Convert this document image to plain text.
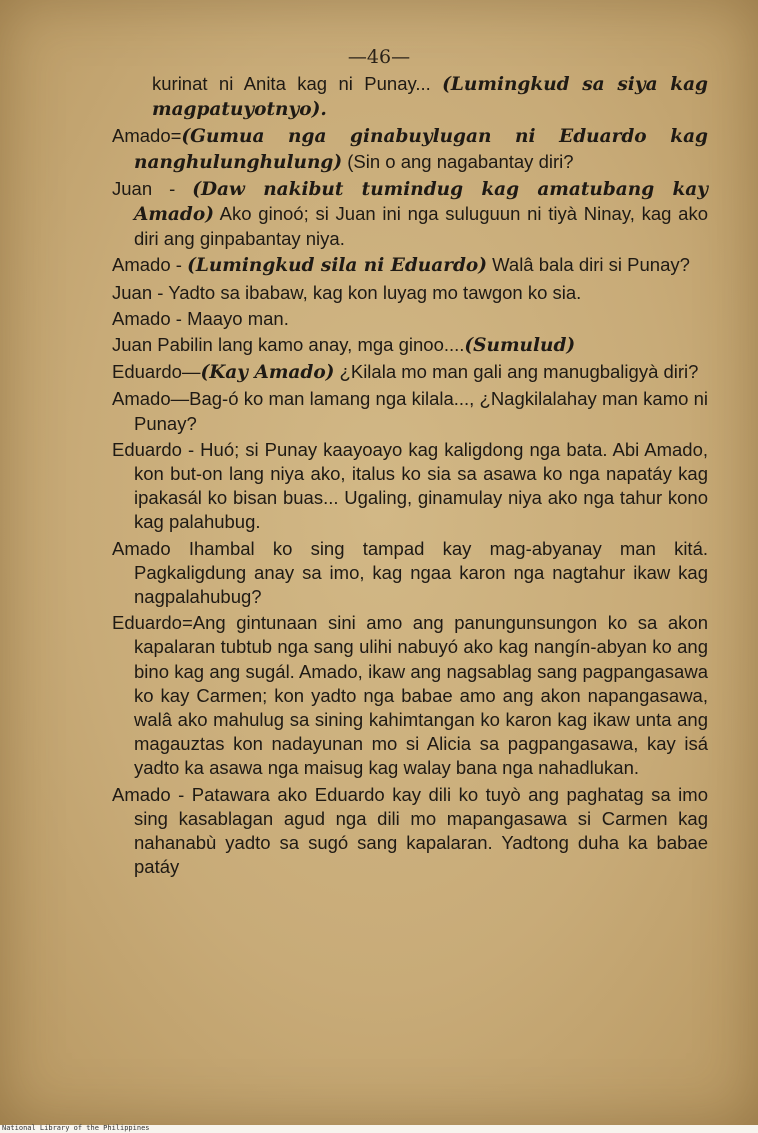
—46—

kurinat ni Anita kag ni Punay... (Lumingkud sa siya kag magpatuyotnyo).

Amado=(Gumua nga ginabuylugan ni Eduardo kag nanghulunghulung) (Sin o ang nagabantay diri?

Juan - (Daw nakibut tumindug kag amatubang kay Amado) Ako ginoó; si Juan ini nga suluguun ni tiyà Ninay, kag ako diri ang ginpabantay niya.

Amado - (Lumingkud sila ni Eduardo) Walâ bala diri si Punay?

Juan - Yadto sa ibabaw, kag kon luyag mo tawgon ko sia.

Amado - Maayo man.

Juan Pabilin lang kamo anay, mga ginoo....(Sumulud)

Eduardo—(Kay Amado) ¿Kilala mo man gali ang manugbaligyà diri?

Amado—Bag-ó ko man lamang nga kilala..., ¿Nagkilalahay man kamo ni Punay?

Eduardo - Huó; si Punay kaayoayo kag kaligdong nga bata. Abi Amado, kon but-on lang niya ako, italus ko sia sa asawa ko nga napatáy kag ipakasál ko bisan buas... Ugaling, ginamulay niya ako nga tahur kono kag palahubug.

Amado Ihambal ko sing tampad kay mag-abyanay man kitá. Pagkaligdung anay sa imo, kag ngaa karon nga nagtahur ikaw kag nagpalahubug?

Eduardo=Ang gintunaan sini amo ang panungunsungon ko sa akon kapalaran tubtub nga sang ulihi nabuyó ako kag nangín-abyan ko ang bino kag ang sugál. Amado, ikaw ang nagsablag sang pagpangasawa ko kay Carmen; kon yadto nga babae amo ang akon napangasawa, walâ ako mahulug sa sining kahimtangan ko karon kag ikaw unta ang magauztas kon nadayunan mo si Alicia sa pagpangasawa, kay isá yadto ka asawa nga maisug kag walay bana nga nahadlukan.

Amado - Patawara ako Eduardo kay dili ko tuyò ang paghatag sa imo sing kasablagan agud nga dili mo mapangasawa si Carmen kag nahanabù yadto sa sugó sang kapalaran. Yadtong duha ka babae patáy

National Library of the Philippines
